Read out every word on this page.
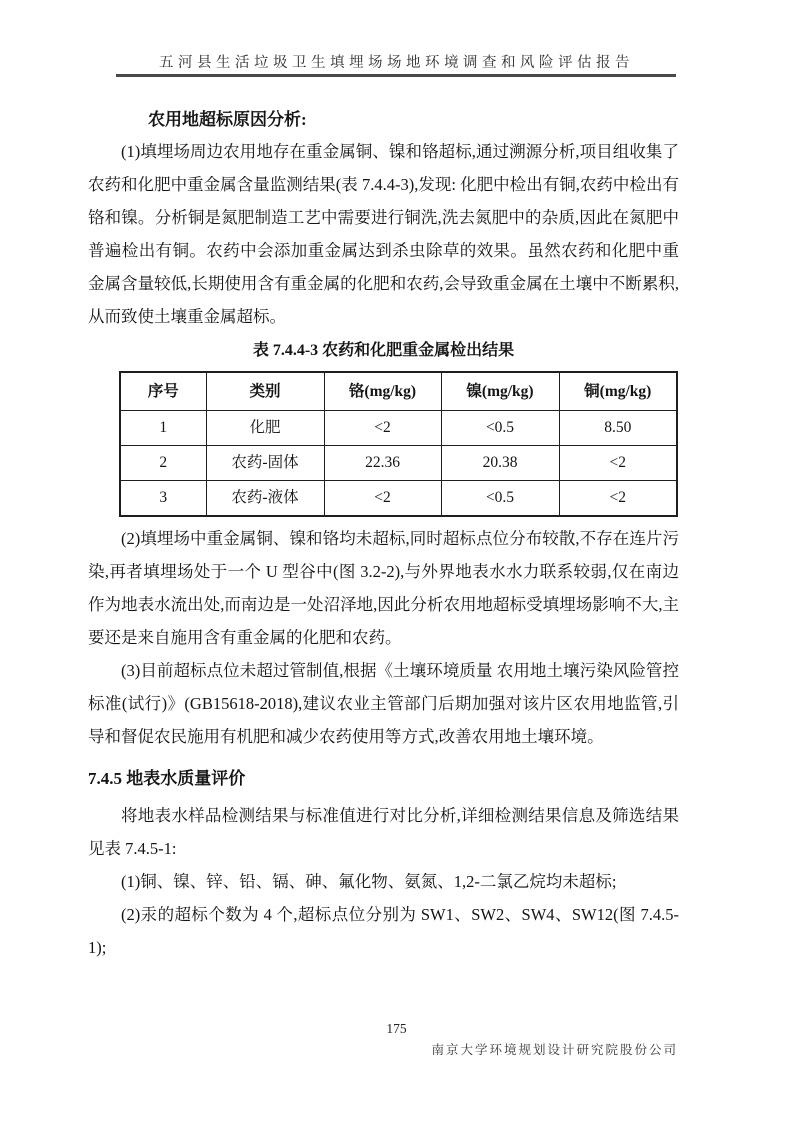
五河县生活垃圾卫生填埋场场地环境调查和风险评估报告

农用地超标原因分析:

(1)填埋场周边农用地存在重金属铜、镍和铬超标,通过溯源分析,项目组收集了农药和化肥中重金属含量监测结果(表 7.4.4-3),发现: 化肥中检出有铜,农药中检出有铬和镍。分析铜是氮肥制造工艺中需要进行铜洗,洗去氮肥中的杂质,因此在氮肥中普遍检出有铜。农药中会添加重金属达到杀虫除草的效果。虽然农药和化肥中重金属含量较低,长期使用含有重金属的化肥和农药,会导致重金属在土壤中不断累积,从而致使土壤重金属超标。

表 7.4.4-3 农药和化肥重金属检出结果

序号	类别	铬(mg/kg)	镍(mg/kg)	铜(mg/kg)
1	化肥	<2	<0.5	8.50
2	农药-固体	22.36	20.38	<2
3	农药-液体	<2	<0.5	<2

(2)填埋场中重金属铜、镍和铬均未超标,同时超标点位分布较散,不存在连片污染,再者填埋场处于一个 U 型谷中(图 3.2-2),与外界地表水水力联系较弱,仅在南边作为地表水流出处,而南边是一处沼泽地,因此分析农用地超标受填埋场影响不大,主要还是来自施用含有重金属的化肥和农药。

(3)目前超标点位未超过管制值,根据《土壤环境质量 农用地土壤污染风险管控标准(试行)》(GB15618-2018),建议农业主管部门后期加强对该片区农用地监管,引导和督促农民施用有机肥和减少农药使用等方式,改善农用地土壤环境。

7.4.5 地表水质量评价

将地表水样品检测结果与标准值进行对比分析,详细检测结果信息及筛选结果见表 7.4.5-1:

(1)铜、镍、锌、铅、镉、砷、氟化物、氨氮、1,2-二氯乙烷均未超标;

(2)汞的超标个数为 4 个,超标点位分别为 SW1、SW2、SW4、SW12(图 7.4.5-1);

175
南京大学环境规划设计研究院股份公司
